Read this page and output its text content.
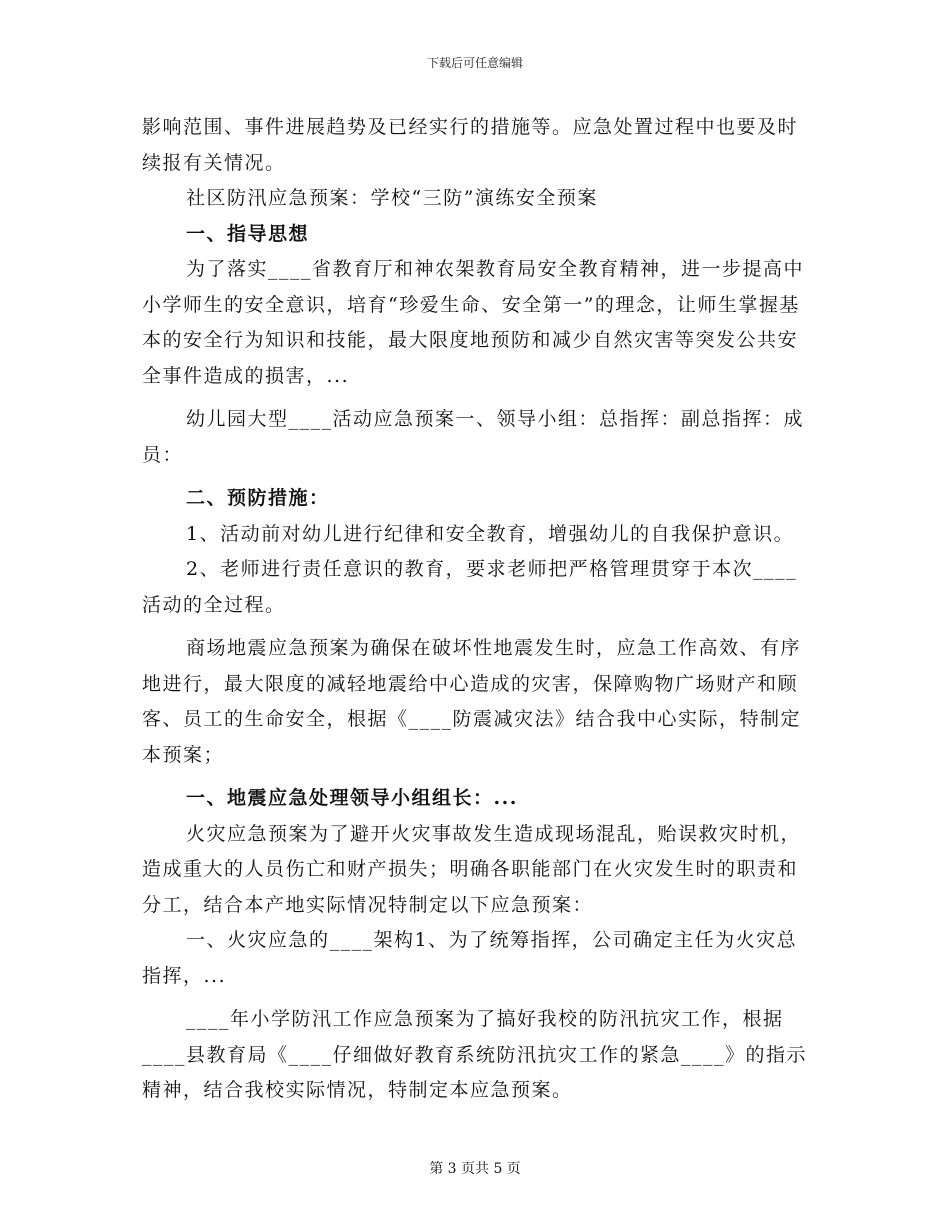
下载后可任意编辑

影响范围、事件进展趋势及已经实行的措施等。应急处置过程中也要及时续报有关情况。

社区防汛应急预案：学校“三防”演练安全预案

一、指导思想

为了落实____省教育厅和神农架教育局安全教育精神，进一步提高中小学师生的安全意识，培育“珍爱生命、安全第一”的理念，让师生掌握基本的安全行为知识和技能，最大限度地预防和减少自然灾害等突发公共安全事件造成的损害，...

幼儿园大型____活动应急预案一、领导小组：总指挥：副总指挥：成员：

二、预防措施：

1、活动前对幼儿进行纪律和安全教育，增强幼儿的自我保护意识。

2、老师进行责任意识的教育，要求老师把严格管理贯穿于本次____活动的全过程。

商场地震应急预案为确保在破坏性地震发生时，应急工作高效、有序地进行，最大限度的减轻地震给中心造成的灾害，保障购物广场财产和顾客、员工的生命安全，根据《____防震减灾法》结合我中心实际，特制定本预案；

一、地震应急处理领导小组组长：...

火灾应急预案为了避开火灾事故发生造成现场混乱，贻误救灾时机，造成重大的人员伤亡和财产损失；明确各职能部门在火灾发生时的职责和分工，结合本产地实际情况特制定以下应急预案：

一、火灾应急的____架构1、为了统筹指挥，公司确定主任为火灾总指挥，...

____年小学防汛工作应急预案为了搞好我校的防汛抗灾工作，根据____县教育局《____仔细做好教育系统防汛抗灾工作的紧急____》的指示精神，结合我校实际情况，特制定本应急预案。

第 3 页共 5 页
